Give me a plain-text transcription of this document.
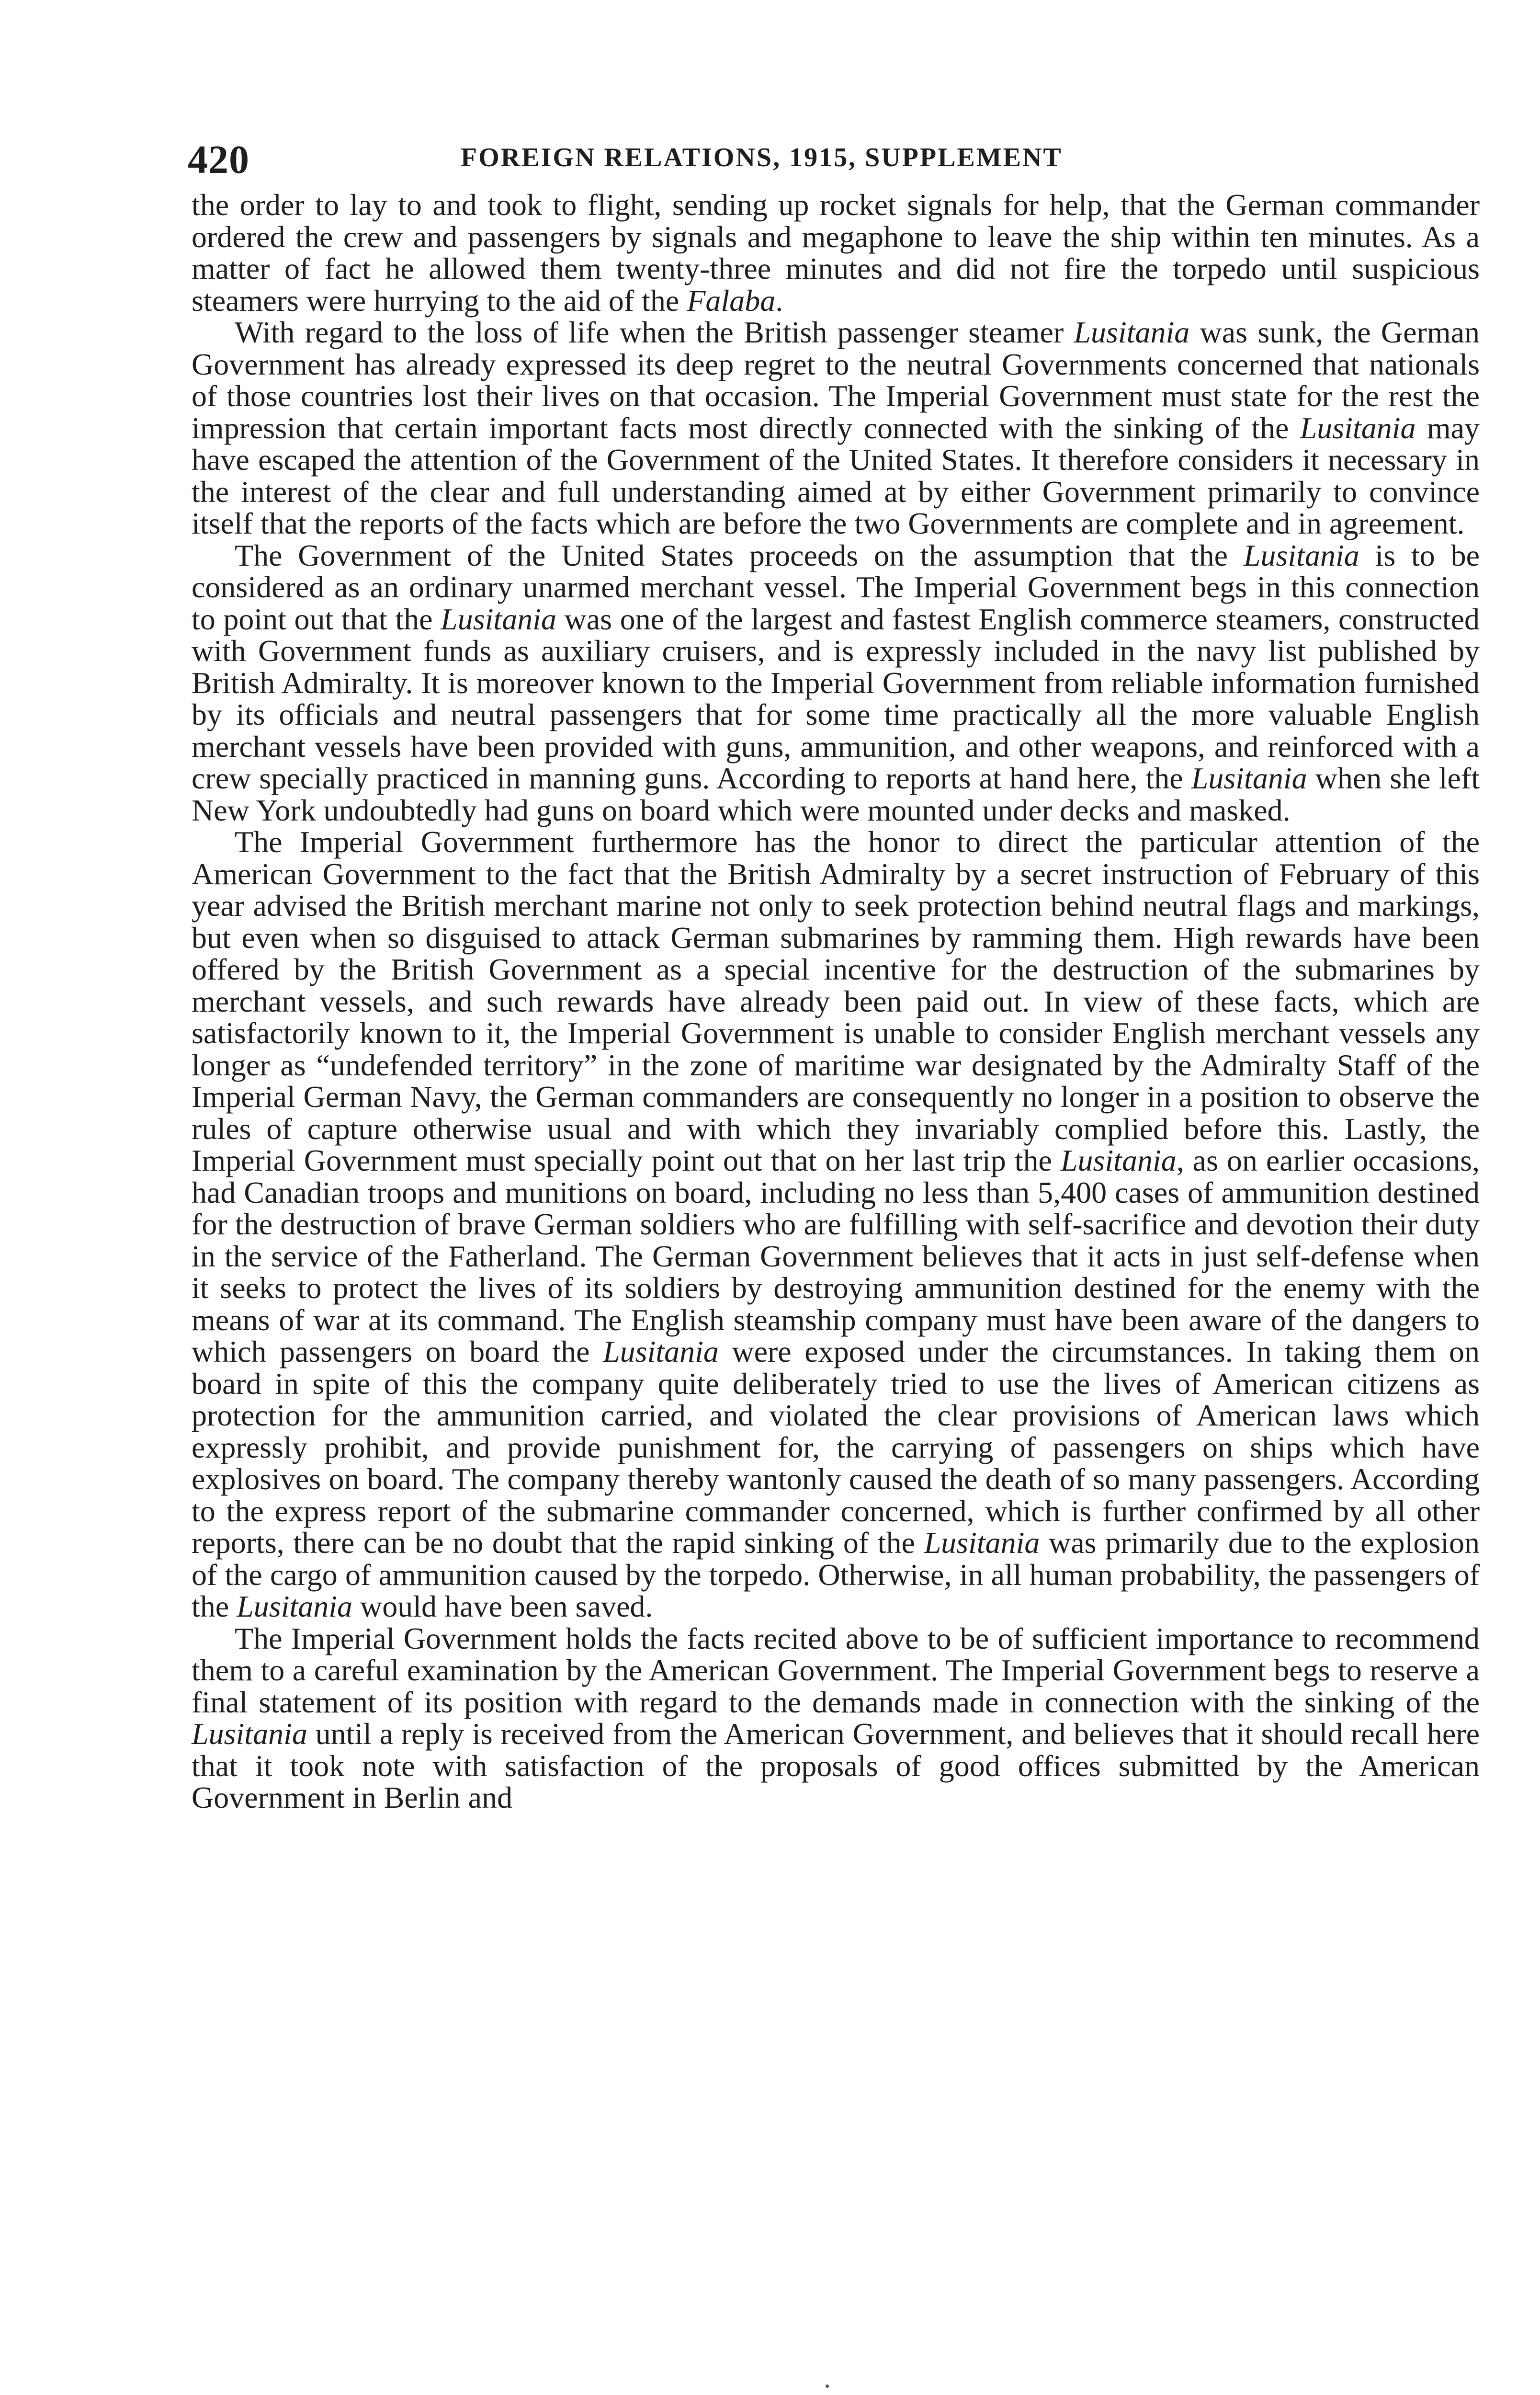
420	FOREIGN RELATIONS, 1915, SUPPLEMENT

the order to lay to and took to flight, sending up rocket signals for help, that the German commander ordered the crew and passengers by signals and megaphone to leave the ship within ten minutes. As a matter of fact he allowed them twenty-three minutes and did not fire the torpedo until suspicious steamers were hurrying to the aid of the Falaba.

With regard to the loss of life when the British passenger steamer Lusitania was sunk, the German Government has already expressed its deep regret to the neutral Governments concerned that nationals of those countries lost their lives on that occasion. The Imperial Government must state for the rest the impression that certain important facts most directly connected with the sinking of the Lusitania may have escaped the attention of the Government of the United States. It therefore considers it necessary in the interest of the clear and full understanding aimed at by either Government primarily to convince itself that the reports of the facts which are before the two Governments are complete and in agreement.

The Government of the United States proceeds on the assumption that the Lusitania is to be considered as an ordinary unarmed merchant vessel. The Imperial Government begs in this connection to point out that the Lusitania was one of the largest and fastest English commerce steamers, constructed with Government funds as auxiliary cruisers, and is expressly included in the navy list published by British Admiralty. It is moreover known to the Imperial Government from reliable information furnished by its officials and neutral passengers that for some time practically all the more valuable English merchant vessels have been provided with guns, ammunition, and other weapons, and reinforced with a crew specially practiced in manning guns. According to reports at hand here, the Lusitania when she left New York undoubtedly had guns on board which were mounted under decks and masked.

The Imperial Government furthermore has the honor to direct the particular attention of the American Government to the fact that the British Admiralty by a secret instruction of February of this year advised the British merchant marine not only to seek protection behind neutral flags and markings, but even when so disguised to attack German submarines by ramming them. High rewards have been offered by the British Government as a special incentive for the destruction of the submarines by merchant vessels, and such rewards have already been paid out. In view of these facts, which are satisfactorily known to it, the Imperial Government is unable to consider English merchant vessels any longer as “undefended territory” in the zone of maritime war designated by the Admiralty Staff of the Imperial German Navy, the German commanders are consequently no longer in a position to observe the rules of capture otherwise usual and with which they invariably complied before this. Lastly, the Imperial Government must specially point out that on her last trip the Lusitania, as on earlier occasions, had Canadian troops and munitions on board, including no less than 5,400 cases of ammunition destined for the destruction of brave German soldiers who are fulfilling with self-sacrifice and devotion their duty in the service of the Fatherland. The German Government believes that it acts in just self-defense when it seeks to protect the lives of its soldiers by destroying ammunition destined for the enemy with the means of war at its command. The English steamship company must have been aware of the dangers to which passengers on board the Lusitania were exposed under the circumstances. In taking them on board in spite of this the company quite deliberately tried to use the lives of American citizens as protection for the ammunition carried, and violated the clear provisions of American laws which expressly prohibit, and provide punishment for, the carrying of passengers on ships which have explosives on board. The company thereby wantonly caused the death of so many passengers. According to the express report of the submarine commander concerned, which is further confirmed by all other reports, there can be no doubt that the rapid sinking of the Lusitania was primarily due to the explosion of the cargo of ammunition caused by the torpedo. Otherwise, in all human probability, the passengers of the Lusitania would have been saved.

The Imperial Government holds the facts recited above to be of sufficient importance to recommend them to a careful examination by the American Government. The Imperial Government begs to reserve a final statement of its position with regard to the demands made in connection with the sinking of the Lusitania until a reply is received from the American Government, and believes that it should recall here that it took note with satisfaction of the proposals of good offices submitted by the American Government in Berlin and
